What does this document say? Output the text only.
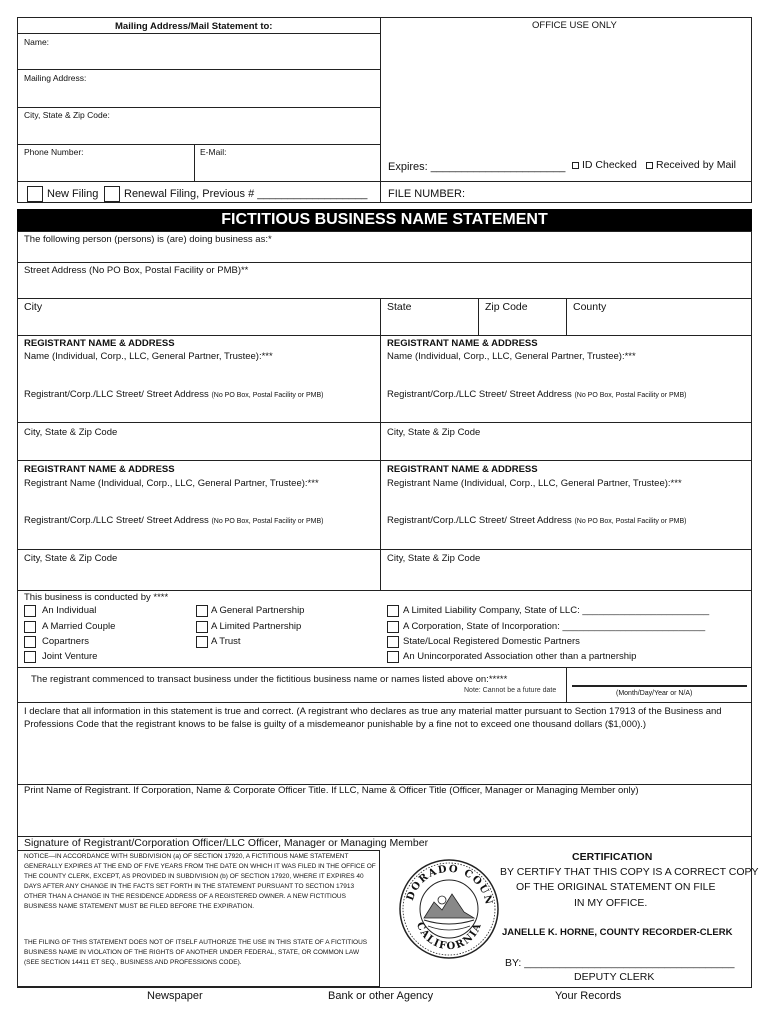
Mailing Address/Mail Statement to:	OFFICE USE ONLY
Name:
Mailing Address:
City, State & Zip Code:
Phone Number:	E-Mail:
Expires: ______________________ ID Checked Received by Mail
New Filing Renewal Filing, Previous # __________________ FILE NUMBER:
FICTITIOUS BUSINESS NAME STATEMENT
The following person (persons) is (are) doing business as:*
Street Address (No PO Box, Postal Facility or PMB)**
City	State	Zip Code	County
REGISTRANT NAME & ADDRESS
Name (Individual, Corp., LLC, General Partner, Trustee):***
Registrant/Corp./LLC Street/ Street Address (No PO Box, Postal Facility or PMB)
City, State & Zip Code
REGISTRANT NAME & ADDRESS
Name (Individual, Corp., LLC, General Partner, Trustee):***
Registrant/Corp./LLC Street/ Street Address (No PO Box, Postal Facility or PMB)
City, State & Zip Code
REGISTRANT NAME & ADDRESS
Registrant Name (Individual, Corp., LLC, General Partner, Trustee):***
Registrant/Corp./LLC Street/ Street Address (No PO Box, Postal Facility or PMB)
City, State & Zip Code
REGISTRANT NAME & ADDRESS
Registrant Name (Individual, Corp., LLC, General Partner, Trustee):***
Registrant/Corp./LLC Street/ Street Address (No PO Box, Postal Facility or PMB)
City, State & Zip Code
This business is conducted by ****
An Individual
A Married Couple
Copartners
Joint Venture
A General Partnership
A Limited Partnership
A Trust
A Limited Liability Company, State of LLC: ________________________
A Corporation, State of Incorporation: ___________________________
State/Local Registered Domestic Partners
An Unincorporated Association other than a partnership
The registrant commenced to transact business under the fictitious business name or names listed above on:*****
Note: Cannot be a future date	(Month/Day/Year or N/A)
I declare that all information in this statement is true and correct. (A registrant who declares as true any material matter pursuant to Section 17913 of the Business and Professions Code that the registrant knows to be false is guilty of a misdemeanor punishable by a fine not to exceed one thousand dollars ($1,000).)
Print Name of Registrant. If Corporation, Name & Corporate Officer Title. If LLC, Name & Officer Title (Officer, Manager or Managing Member only)
Signature of Registrant/Corporation Officer/LLC Officer, Manager or Managing Member
NOTICE—IN ACCORDANCE WITH SUBDIVISION (a) OF SECTION 17920, A FICTITIOUS NAME STATEMENT GENERALLY EXPIRES AT THE END OF FIVE YEARS FROM THE DATE ON WHICH IT WAS FILED IN THE OFFICE OF THE COUNTY CLERK, EXCEPT, AS PROVIDED IN SUBDIVISION (b) OF SECTION 17920, WHERE IT EXPIRES 40 DAYS AFTER ANY CHANGE IN THE FACTS SET FORTH IN THE STATEMENT PURSUANT TO SECTION 17913 OTHER THAN A CHANGE IN THE RESIDENCE ADDRESS OF A REGISTERED OWNER. A NEW FICTITIOUS BUSINESS NAME STATEMENT MUST BE FILED BEFORE THE EXPIRATION.
THE FILING OF THIS STATEMENT DOES NOT OF ITSELF AUTHORIZE THE USE IN THIS STATE OF A FICTITIOUS BUSINESS NAME IN VIOLATION OF THE RIGHTS OF ANOTHER UNDER FEDERAL, STATE, OR COMMON LAW (SEE SECTION 14411 ET SEQ., BUSINESS AND PROFESSIONS CODE).
DORADO COUN
CALIFORNIA
CERTIFICATION
BY CERTIFY THAT THIS COPY IS A CORRECT COPY
OF THE ORIGINAL STATEMENT ON FILE
IN MY OFFICE.
JANELLE K. HORNE, COUNTY RECORDER-CLERK
BY: ____________________________________
DEPUTY CLERK
Newspaper	Bank or other Agency	Your Records
